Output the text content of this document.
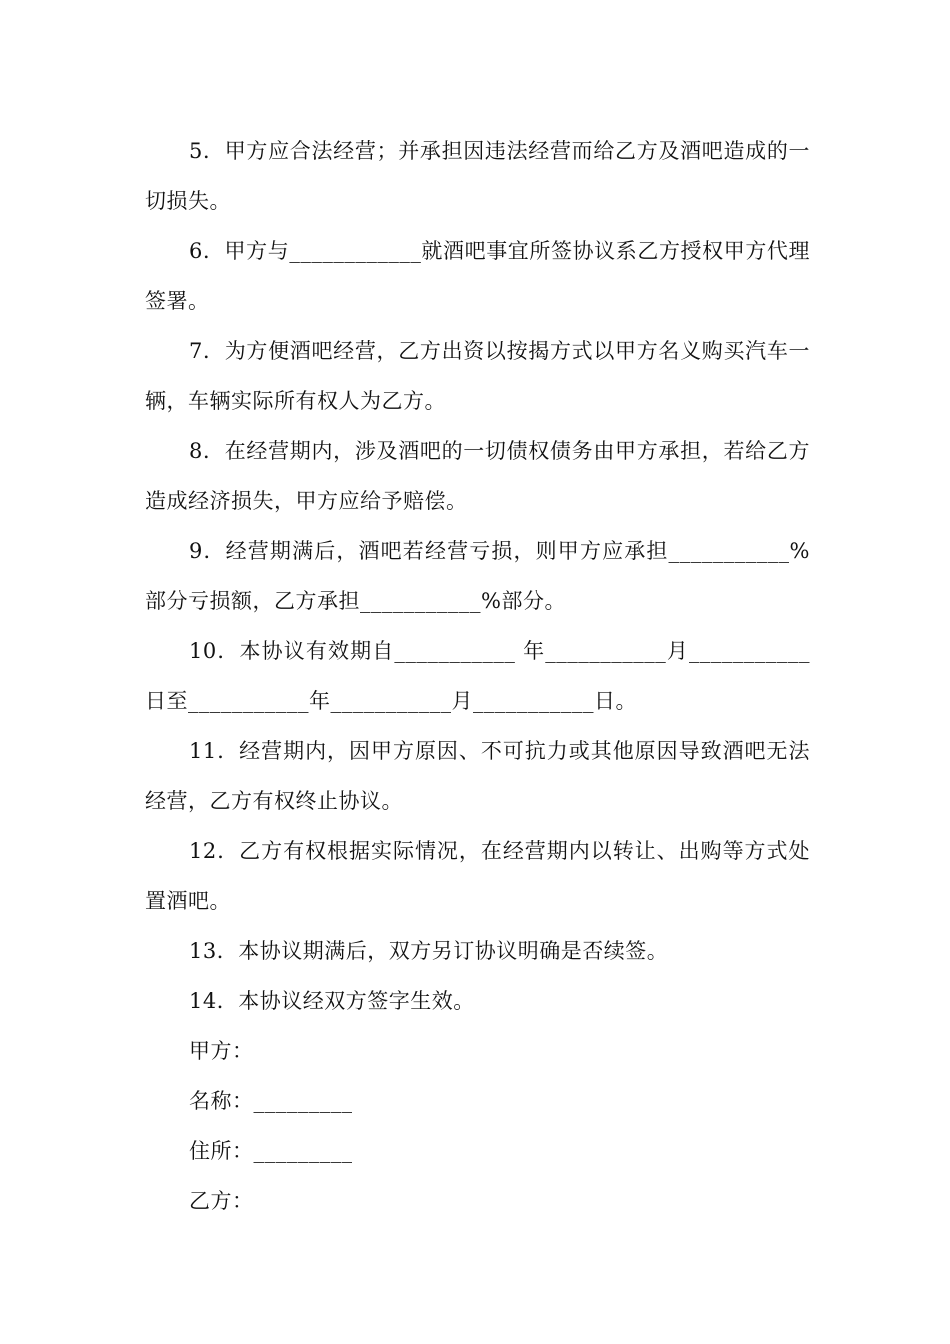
5．甲方应合法经营；并承担因违法经营而给乙方及酒吧造成的一切损失。

6．甲方与____________就酒吧事宜所签协议系乙方授权甲方代理签署。

7．为方便酒吧经营，乙方出资以按揭方式以甲方名义购买汽车一辆，车辆实际所有权人为乙方。

8．在经营期内，涉及酒吧的一切债权债务由甲方承担，若给乙方造成经济损失，甲方应给予赔偿。

9．经营期满后，酒吧若经营亏损，则甲方应承担___________%部分亏损额，乙方承担___________%部分。

10．本协议有效期自___________ 年___________月___________日至___________年___________月___________日。

11．经营期内，因甲方原因、不可抗力或其他原因导致酒吧无法经营，乙方有权终止协议。

12．乙方有权根据实际情况，在经营期内以转让、出购等方式处置酒吧。

13．本协议期满后，双方另订协议明确是否续签。

14．本协议经双方签字生效。

甲方：

名称：_________

住所：_________

乙方：
